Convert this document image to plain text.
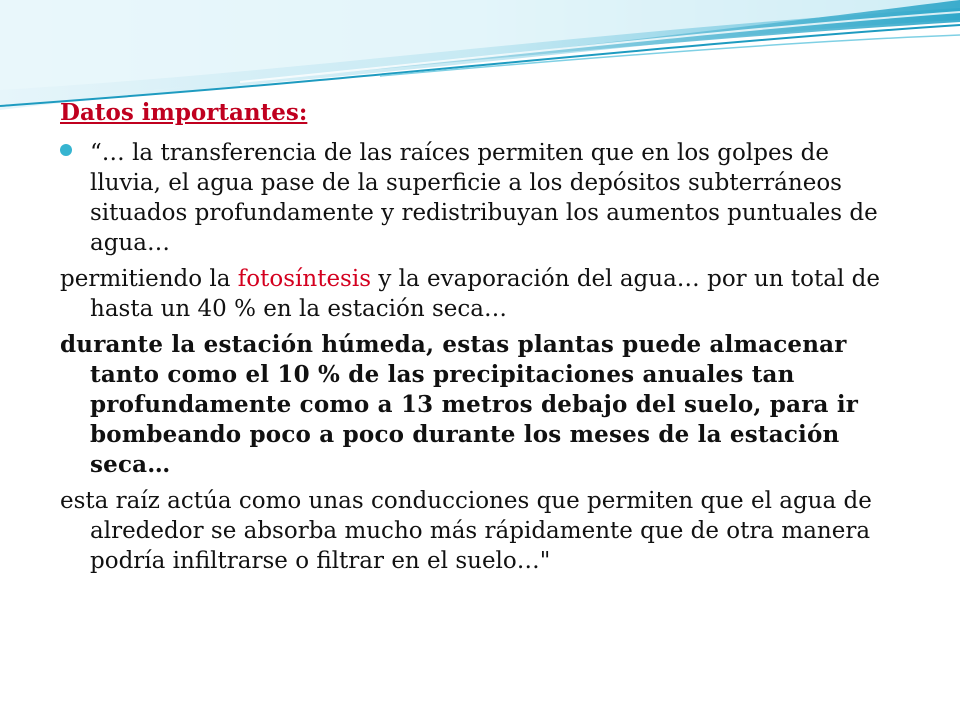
Datos importantes:
“… la transferencia de las raíces permiten que en los golpes de lluvia, el agua pase de la superficie a los depósitos subterráneos situados profundamente y redistribuyan los aumentos puntuales de agua…

permitiendo la fotosíntesis y la evaporación del agua… por un total de hasta un 40 % en la estación seca…

durante la estación húmeda, estas plantas puede almacenar tanto como el 10 % de las precipitaciones anuales tan profundamente como a 13 metros debajo del suelo, para ir bombeando poco a poco durante los meses de la estación seca…

esta raíz actúa como unas conducciones que permiten que el agua de alrededor se absorba mucho más rápidamente que de otra manera podría infiltrarse o filtrar en el suelo…"
